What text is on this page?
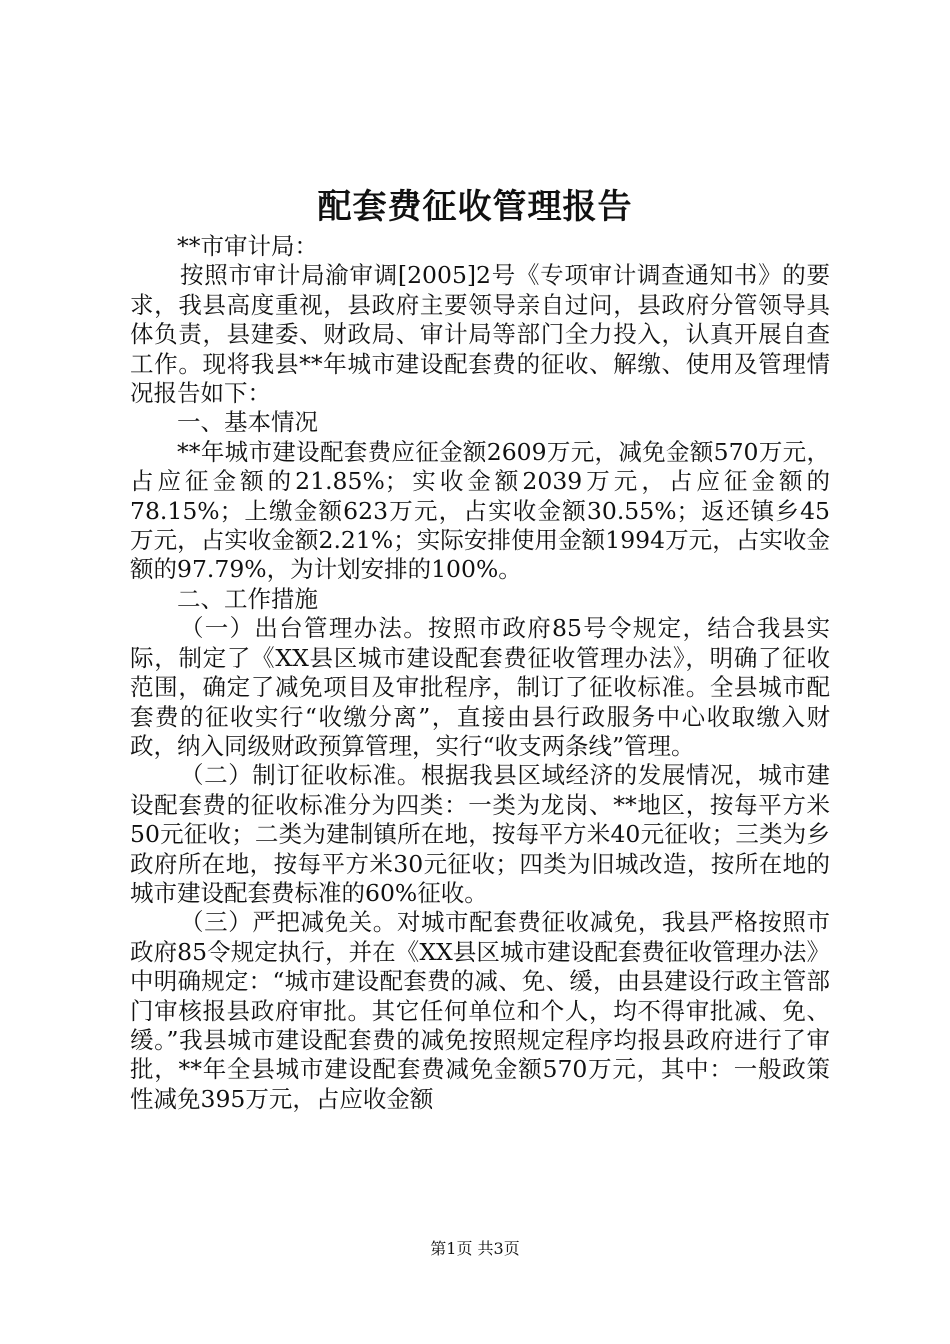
配套费征收管理报告

**市审计局：

按照市审计局渝审调[2005]2号《专项审计调查通知书》的要求，我县高度重视，县政府主要领导亲自过问，县政府分管领导具体负责，县建委、财政局、审计局等部门全力投入，认真开展自查工作。现将我县**年城市建设配套费的征收、解缴、使用及管理情况报告如下：

一、基本情况

**年城市建设配套费应征金额2609万元，减免金额570万元，占应征金额的21.85%；实收金额2039万元，占应征金额的78.15%；上缴金额623万元，占实收金额30.55%；返还镇乡45万元，占实收金额2.21%；实际安排使用金额1994万元，占实收金额的97.79%，为计划安排的100%。

二、工作措施

（一）出台管理办法。按照市政府85号令规定，结合我县实际，制定了《XX县区城市建设配套费征收管理办法》，明确了征收范围，确定了减免项目及审批程序，制订了征收标准。全县城市配套费的征收实行“收缴分离”，直接由县行政服务中心收取缴入财政，纳入同级财政预算管理，实行“收支两条线”管理。

（二）制订征收标准。根据我县区域经济的发展情况，城市建设配套费的征收标准分为四类：一类为龙岗、**地区，按每平方米50元征收；二类为建制镇所在地，按每平方米40元征收；三类为乡政府所在地，按每平方米30元征收；四类为旧城改造，按所在地的城市建设配套费标准的60%征收。

（三）严把减免关。对城市配套费征收减免，我县严格按照市政府85令规定执行，并在《XX县区城市建设配套费征收管理办法》中明确规定：“城市建设配套费的减、免、缓，由县建设行政主管部门审核报县政府审批。其它任何单位和个人，均不得审批减、免、缓。”我县城市建设配套费的减免按照规定程序均报县政府进行了审批，**年全县城市建设配套费减免金额570万元，其中：一般政策性减免395万元，占应收金额

第1页 共3页
